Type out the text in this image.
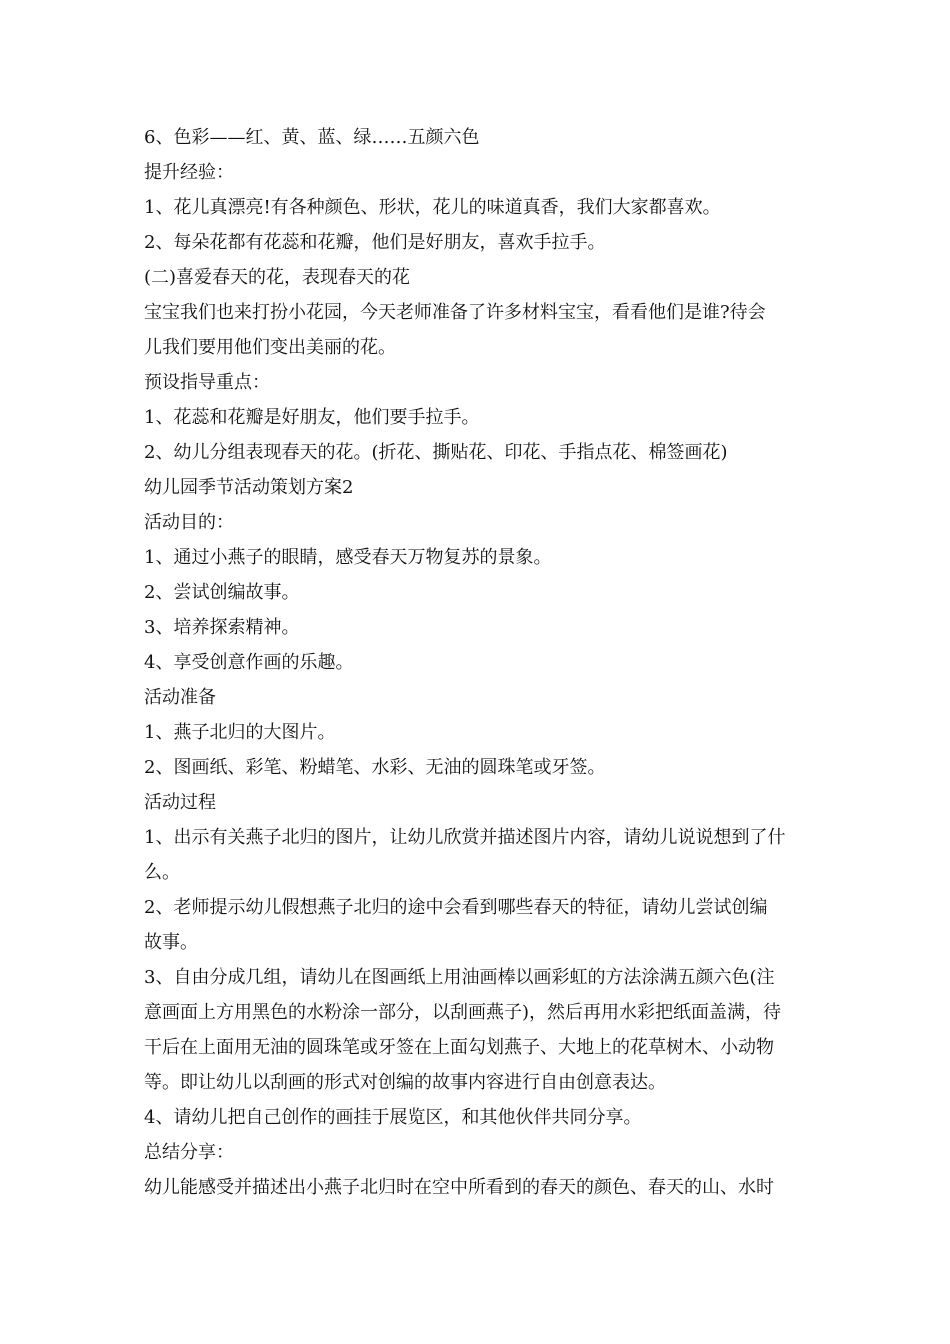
6、色彩——红、黄、蓝、绿……五颜六色
提升经验：
1、花儿真漂亮!有各种颜色、形状，花儿的味道真香，我们大家都喜欢。
2、每朵花都有花蕊和花瓣，他们是好朋友，喜欢手拉手。
(二)喜爱春天的花，表现春天的花
宝宝我们也来打扮小花园，今天老师准备了许多材料宝宝，看看他们是谁?待会
儿我们要用他们变出美丽的花。
预设指导重点：
1、花蕊和花瓣是好朋友，他们要手拉手。
2、幼儿分组表现春天的花。(折花、撕贴花、印花、手指点花、棉签画花)
幼儿园季节活动策划方案2
活动目的：
1、通过小燕子的眼睛，感受春天万物复苏的景象。
2、尝试创编故事。
3、培养探索精神。
4、享受创意作画的乐趣。
活动准备
1、燕子北归的大图片。
2、图画纸、彩笔、粉蜡笔、水彩、无油的圆珠笔或牙签。
活动过程
1、出示有关燕子北归的图片，让幼儿欣赏并描述图片内容，请幼儿说说想到了什
么。
2、老师提示幼儿假想燕子北归的途中会看到哪些春天的特征，请幼儿尝试创编
故事。
3、自由分成几组，请幼儿在图画纸上用油画棒以画彩虹的方法涂满五颜六色(注
意画面上方用黑色的水粉涂一部分，以刮画燕子)，然后再用水彩把纸面盖满，待
干后在上面用无油的圆珠笔或牙签在上面勾划燕子、大地上的花草树木、小动物
等。即让幼儿以刮画的形式对创编的故事内容进行自由创意表达。
4、请幼儿把自己创作的画挂于展览区，和其他伙伴共同分享。
总结分享：
幼儿能感受并描述出小燕子北归时在空中所看到的春天的颜色、春天的山、水时
